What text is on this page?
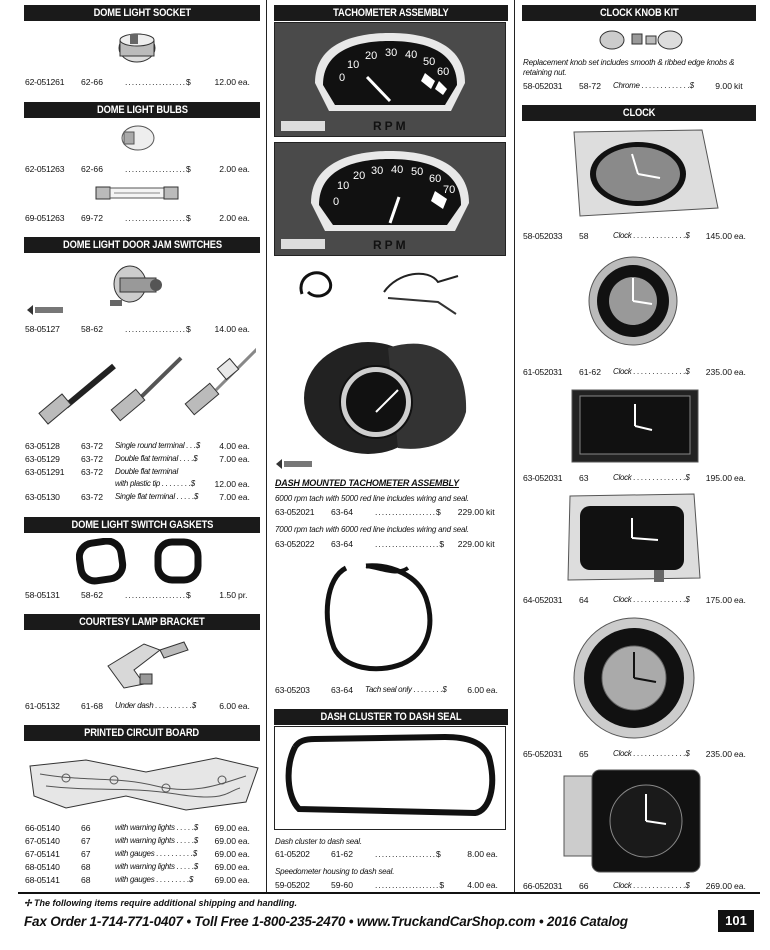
DOME LIGHT SOCKET
62-051261	62-66	..................$	12.00 ea.
DOME LIGHT BULBS
62-051263	62-66	..................$	2.00 ea.
69-051263	69-72	..................$	2.00 ea.
DOME LIGHT DOOR JAM SWITCHES
58-05127	58-62	..................$	14.00 ea.
63-05128	63-72	Single round terminal . . .$	4.00 ea.
63-05129	63-72	Double flat terminal . . . .$	7.00 ea.
63-051291	63-72	Double flat terminal
with plastic tip . . . . . . . .$	12.00 ea.
63-05130	63-72	Single flat terminal . . . . .$	7.00 ea.
DOME LIGHT SWITCH GASKETS
58-05131	58-62	..................$	1.50 pr.
COURTESY LAMP BRACKET
61-05132	61-68	Under dash . . . . . . . . . .$	6.00 ea.
PRINTED CIRCUIT BOARD
66-05140	66	with warning lights . . . . .$	69.00 ea.
67-05140	67	with warning lights . . . . .$	69.00 ea.
67-05141	67	with gauges . . . . . . . . . .$	69.00 ea.
68-05140	68	with warning lights . . . . .$	69.00 ea.
68-05141	68	with gauges . . . . . . . . .$	69.00 ea.
TACHOMETER ASSEMBLY
0
10
20 30 40
50
60
RPM
0
10
20 30 40 50
60
70
RPM
DASH MOUNTED TACHOMETER ASSEMBLY
6000 rpm tach with 5000 red line includes wiring and seal.
63-052021	63-64	..................$	229.00 kit
7000 rpm tach with 6000 red line includes wiring and seal.
63-052022	63-64	...................$	229.00 kit
63-05203	63-64	Tach seal only . . . . . . . .$	6.00 ea.
DASH CLUSTER TO DASH SEAL
Dash cluster to dash seal.
61-05202	61-62	..................$	8.00 ea.
Speedometer housing to dash seal.
59-05202	59-60	...................$	4.00 ea.
CLOCK KNOB KIT
Replacement knob set includes smooth & ribbed edge knobs & retaining nut.
58-052031	58-72	Chrome . . . . . . . . . . . . .$	9.00 kit
CLOCK
58-052033	58	Clock . . . . . . . . . . . . . .$	145.00 ea.
61-052031	61-62	Clock . . . . . . . . . . . . . .$	235.00 ea.
63-052031	63	Clock . . . . . . . . . . . . . .$	195.00 ea.
64-052031	64	Clock . . . . . . . . . . . . . .$	175.00 ea.
65-052031	65	Clock . . . . . . . . . . . . . .$	235.00 ea.
66-052031	66	Clock . . . . . . . . . . . . . .$	269.00 ea.
✢ The following items require additional shipping and handling.
Fax Order 1-714-771-0407 • Toll Free 1-800-235-2470 • www.TruckandCarShop.com • 2016 Catalog	101
